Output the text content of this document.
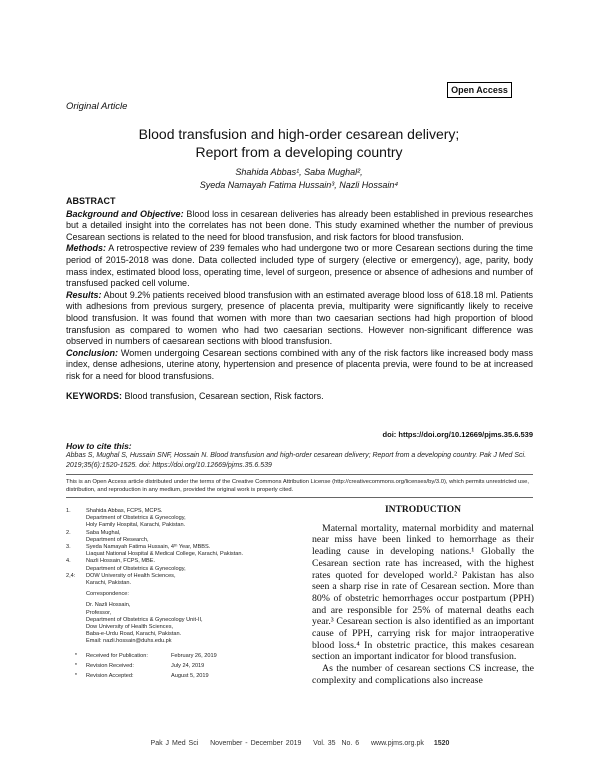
Open Access
Original Article
Blood transfusion and high-order cesarean delivery;
Report from a developing country
Shahida Abbas¹, Saba Mughal²,
Syeda Namayah Fatima Hussain³, Nazli Hossain⁴

ABSTRACT

Background and Objective: Blood loss in cesarean deliveries has already been established in previous researches but a detailed insight into the correlates has not been done. This study examined whether the number of previous Cesarean sections is related to the need for blood transfusion, and risk factors for blood transfusion.

Methods: A retrospective review of 239 females who had undergone two or more Cesarean sections during the time period of 2015-2018 was done. Data collected included type of surgery (elective or emergency), age, parity, body mass index, estimated blood loss, operating time, level of surgeon, presence or absence of adhesions and number of transfused packed cell volume.

Results: About 9.2% patients received blood transfusion with an estimated average blood loss of 618.18 ml. Patients with adhesions from previous surgery, presence of placenta previa, multiparity were significantly likely to receive blood transfusion. It was found that women with more than two caesarian sections had high proportion of blood transfusion as compared to women who had two caesarian sections. However non-significant difference was observed in numbers of caesarean sections with blood transfusion.

Conclusion: Women undergoing Cesarean sections combined with any of the risk factors like increased body mass index, dense adhesions, uterine atony, hypertension and presence of placenta previa, were found to be at increased risk for a need for blood transfusions.

KEYWORDS: Blood transfusion, Cesarean section, Risk factors.

doi: https://doi.org/10.12669/pjms.35.6.539
How to cite this:
Abbas S, Mughal S, Hussain SNF, Hossain N. Blood transfusion and high-order cesarean delivery; Report from a developing country. Pak J Med Sci. 2019;35(6):1520-1525. doi: https://doi.org/10.12669/pjms.35.6.539
This is an Open Access article distributed under the terms of the Creative Commons Attribution License (http://creativecommons.org/licenses/by/3.0), which permits unrestricted use, distribution, and reproduction in any medium, provided the original work is properly cited.
1.	Shahida Abbas, FCPS, MCPS.
Department of Obstetrics & Gynecology,
Holy Family Hospital, Karachi, Pakistan.
2.	Saba Mughal,
Department of Research,
3.	Syeda Namayah Fatima Hussain, 4ᵗʰ Year, MBBS.
Liaquat National Hospital & Medical College, Karachi, Pakistan.
4.	Nazli Hossain, FCPS, MBE.
Department of Obstetrics & Gynecology,
2,4:	DOW University of Health Sciences,
Karachi, Pakistan.
Correspondence:
Dr. Nazli Hossain,
Professor,
Department of Obstetrics & Gynecology Unit-II,
Dow University of Health Sciences,
Baba-e-Urdu Road, Karachi, Pakistan.
Email: nazli.hossain@duhs.edu.pk
*	Received for Publication:	February 26, 2019
*	Revision Received:	July 24, 2019
*	Revision Accepted:	August 5, 2019
INTRODUCTION

Maternal mortality, maternal morbidity and maternal near miss have been linked to hemorrhage as their leading cause in developing nations.¹ Globally the Cesarean section rate has increased, with the highest rates quoted for developed world.² Pakistan has also seen a sharp rise in rate of Cesarean section. More than 80% of obstetric hemorrhages occur postpartum (PPH) and are responsible for 25% of maternal deaths each year.³ Cesarean section is also identified as an important cause of PPH, carrying risk for major intraoperative blood loss.⁴ In obstetric practice, this makes cesarean section an important indicator for blood transfusion.

As the number of cesarean sections CS increase, the complexity and complications also increase

Pak J Med Sci    November - December 2019    Vol. 35  No. 6    www.pjms.org.pk 1520
